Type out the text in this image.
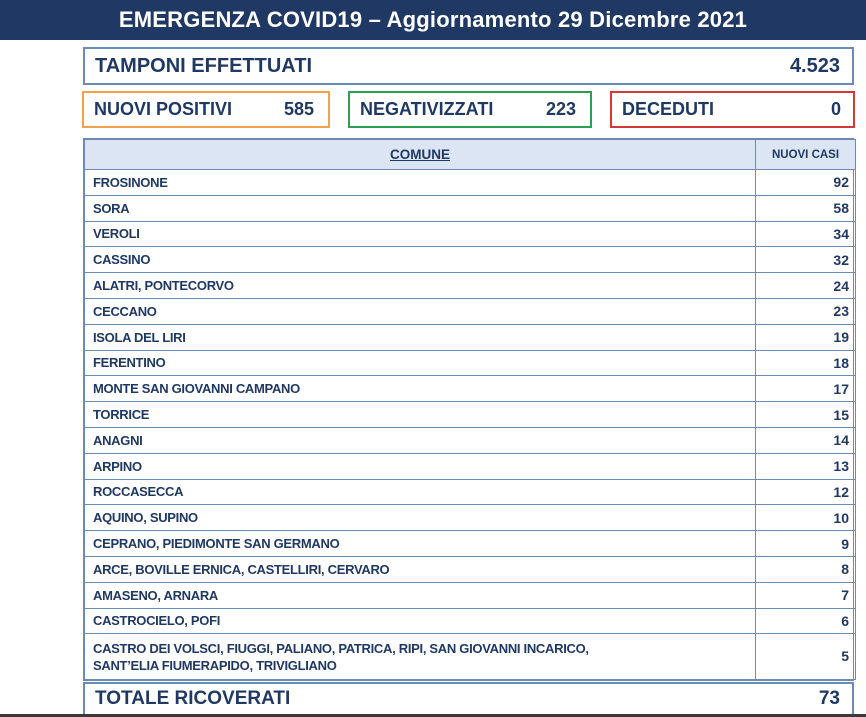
EMERGENZA COVID19 – Aggiornamento 29 Dicembre 2021
TAMPONI EFFETTUATI	4.523
NUOVI POSITIVI	585	NEGATIVIZZATI	223	DECEDUTI	0
COMUNE	NUOVI CASI
FROSINONE	92
SORA	58
VEROLI	34
CASSINO	32
ALATRI, PONTECORVO	24
CECCANO	23
ISOLA DEL LIRI	19
FERENTINO	18
MONTE SAN GIOVANNI CAMPANO	17
TORRICE	15
ANAGNI	14
ARPINO	13
ROCCASECCA	12
AQUINO, SUPINO	10
CEPRANO, PIEDIMONTE SAN GERMANO	9
ARCE, BOVILLE ERNICA, CASTELLIRI, CERVARO	8
AMASENO, ARNARA	7
CASTROCIELO, POFI	6
CASTRO DEI VOLSCI, FIUGGI, PALIANO, PATRICA, RIPI, SAN GIOVANNI INCARICO,
SANT’ELIA FIUMERAPIDO, TRIVIGLIANO	5
TOTALE RICOVERATI	73
